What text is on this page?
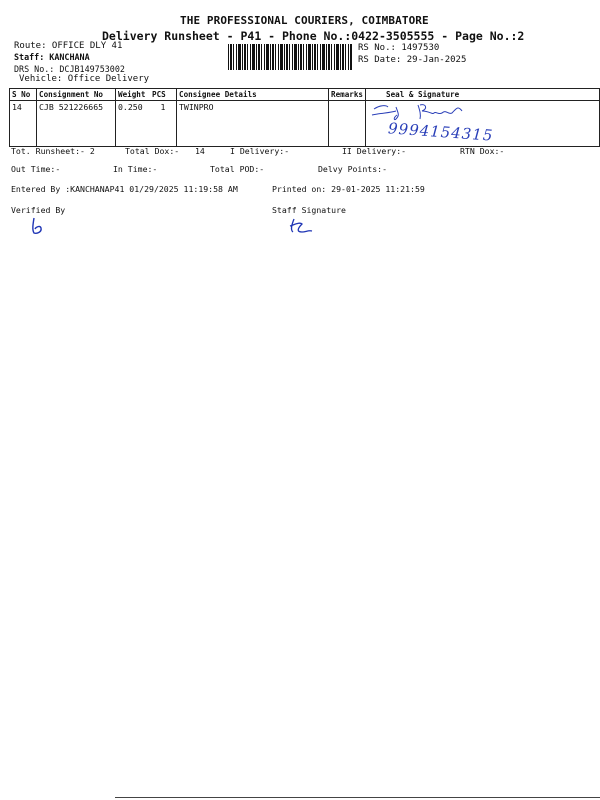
THE PROFESSIONAL COURIERS, COIMBATORE
Delivery Runsheet - P41 - Phone No.:0422-3505555 - Page No.:2
Route: OFFICE DLY 41
Staff: KANCHANA
DRS No.: DCJB149753002
Vehicle: Office Delivery
RS No.: 1497530
RS Date: 29-Jan-2025
S No	Consignment No	Weight	PCS	Consignee Details	Remarks	Seal & Signature
14	CJB 521226665	0.250	1	TWINPRO		9994154315
Tot. Runsheet:- 2	Total Dox:- 14	I Delivery:-	II Delivery:-	RTN Dox:-
Out Time:-	In Time:-	Total POD:-	Delvy Points:-
Entered By :KANCHANAP41 01/29/2025 11:19:58 AM	Printed on: 29-01-2025 11:21:59
Verified By	Staff Signature
